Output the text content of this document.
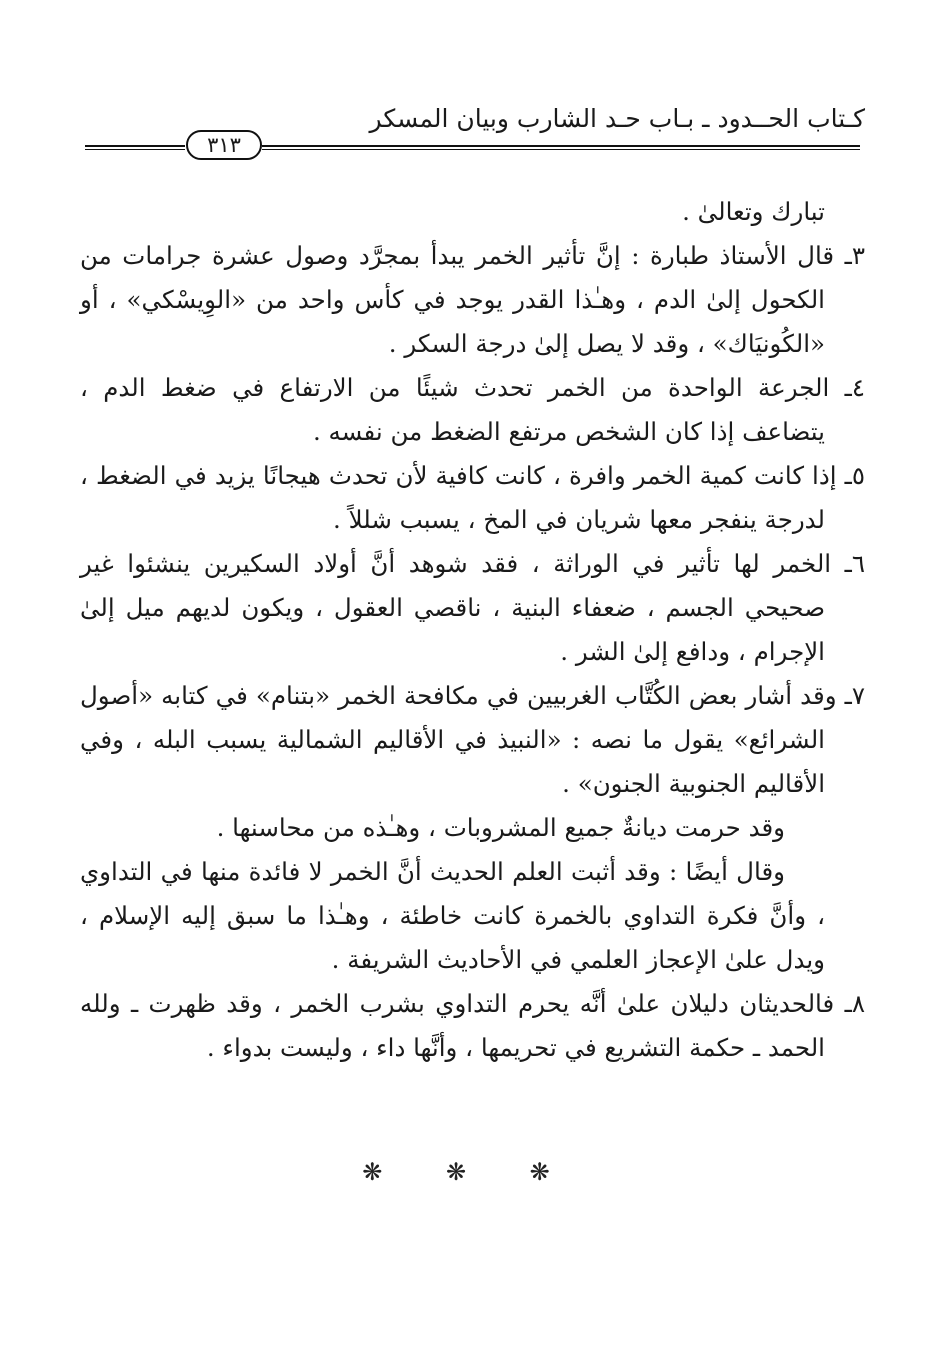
كـتاب الحــدود ـ بـاب حـد الشارب وبيان المسكر
٣١٣

تبارك وتعالىٰ .

٣ـ قال الأستاذ طبارة : إنَّ تأثير الخمر يبدأ بمجرَّد وصول عشرة جرامات من الكحول إلىٰ الدم ، وهـٰذا القدر يوجد في كأس واحد من «الوِيسْكي» ، أو «الكُونيَاك» ، وقد لا يصل إلىٰ درجة السكر .

٤ـ الجرعة الواحدة من الخمر تحدث شيئًا من الارتفاع في ضغط الدم ، يتضاعف إذا كان الشخص مرتفع الضغط من نفسه .

٥ـ إذا كانت كمية الخمر وافرة ، كانت كافية لأن تحدث هيجانًا يزيد في الضغط ، لدرجة ينفجر معها شريان في المخ ، يسبب شللاً .

٦ـ الخمر لها تأثير في الوراثة ، فقد شوهد أنَّ أولاد السكيرين ينشئوا غير صحيحي الجسم ، ضعفاء البنية ، ناقصي العقول ، ويكون لديهم ميل إلىٰ الإجرام ، ودافع إلىٰ الشر .

٧ـ وقد أشار بعض الكُتَّاب الغربيين في مكافحة الخمر «بتنام» في كتابه «أصول الشرائع» يقول ما نصه : «النبيذ في الأقاليم الشمالية يسبب البله ، وفي الأقاليم الجنوبية الجنون» .

وقد حرمت ديانةٌ جميع المشروبات ، وهـٰذه من محاسنها .

وقال أيضًا : وقد أثبت العلم الحديث أنَّ الخمر لا فائدة منها في التداوي ، وأنَّ فكرة التداوي بالخمرة كانت خاطئة ، وهـٰذا ما سبق إليه الإسلام ، ويدل علىٰ الإعجاز العلمي في الأحاديث الشريفة .

٨ـ فالحديثان دليلان علىٰ أنَّه يحرم التداوي بشرب الخمر ، وقد ظهرت ـ ولله الحمد ـ حكمة التشريع في تحريمها ، وأنَّها داء ، وليست بدواء .

❋ ❋ ❋
